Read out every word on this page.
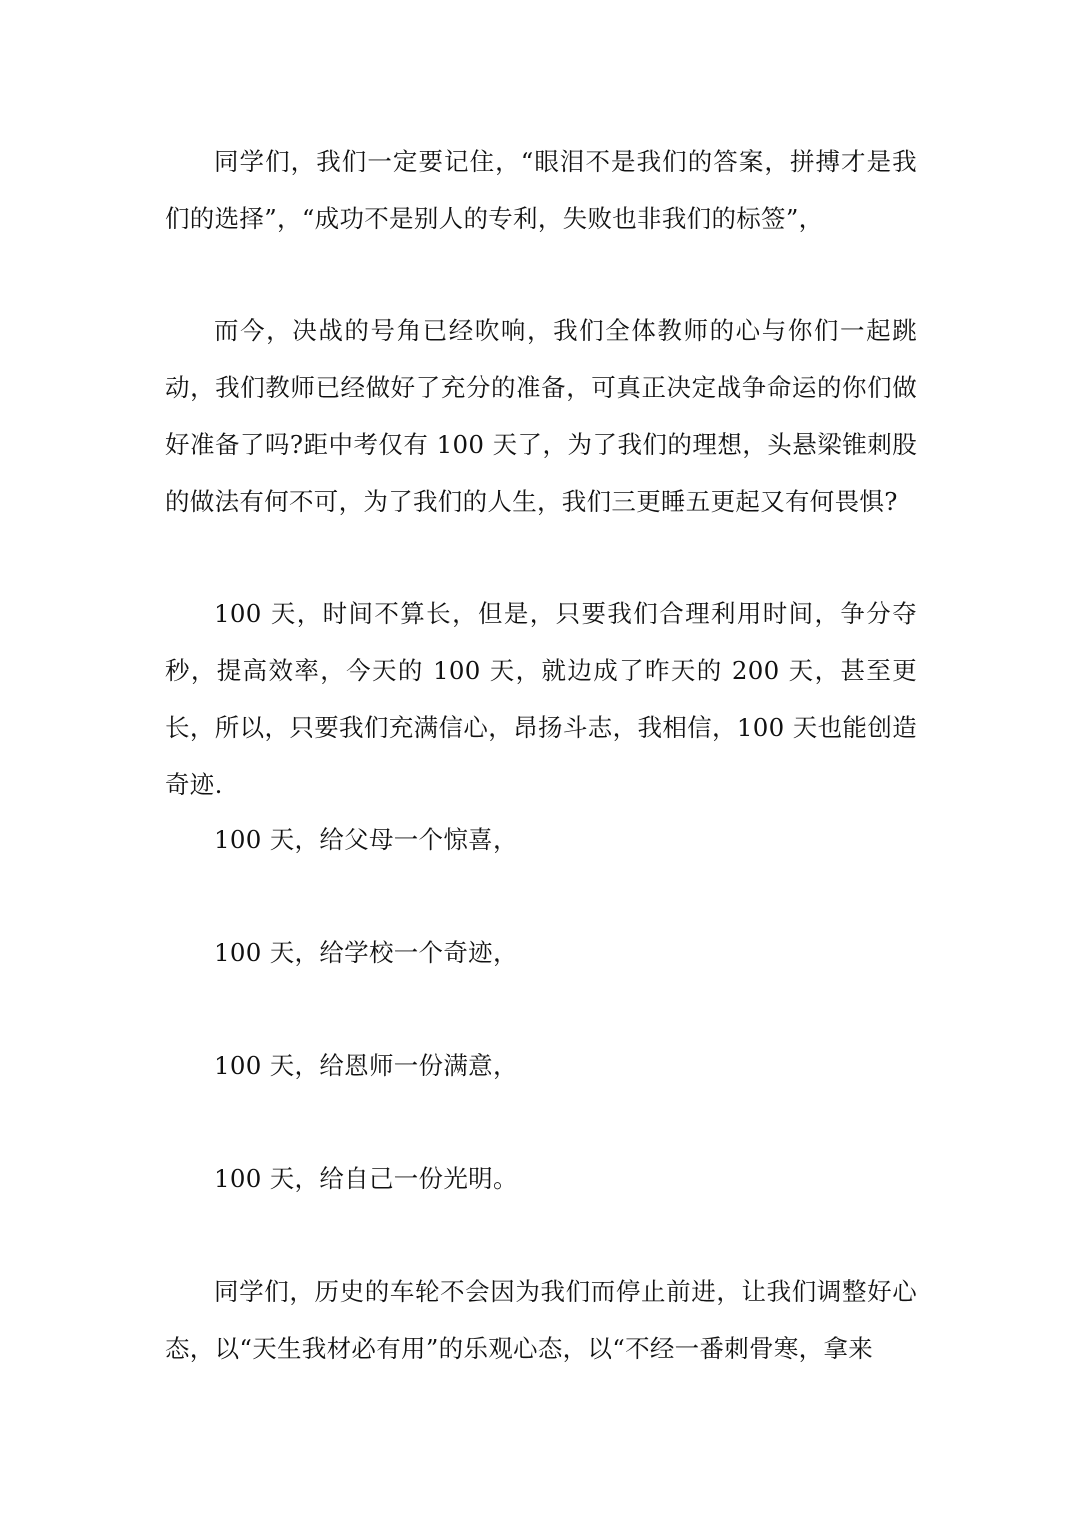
同学们，我们一定要记住，“眼泪不是我们的答案，拼搏才是我们的选择”，“成功不是别人的专利，失败也非我们的标签”，

而今，决战的号角已经吹响，我们全体教师的心与你们一起跳动，我们教师已经做好了充分的准备，可真正决定战争命运的你们做好准备了吗?距中考仅有 100 天了，为了我们的理想，头悬梁锥刺股的做法有何不可，为了我们的人生，我们三更睡五更起又有何畏惧?

100 天，时间不算长，但是，只要我们合理利用时间，争分夺秒，提高效率，今天的 100 天，就边成了昨天的 200 天，甚至更长，所以，只要我们充满信心，昂扬斗志，我相信，100 天也能创造奇迹.

100 天，给父母一个惊喜，

100 天，给学校一个奇迹，

100 天，给恩师一份满意，

100 天，给自己一份光明。

同学们，历史的车轮不会因为我们而停止前进，让我们调整好心态，以“天生我材必有用”的乐观心态，以“不经一番刺骨寒，拿来
